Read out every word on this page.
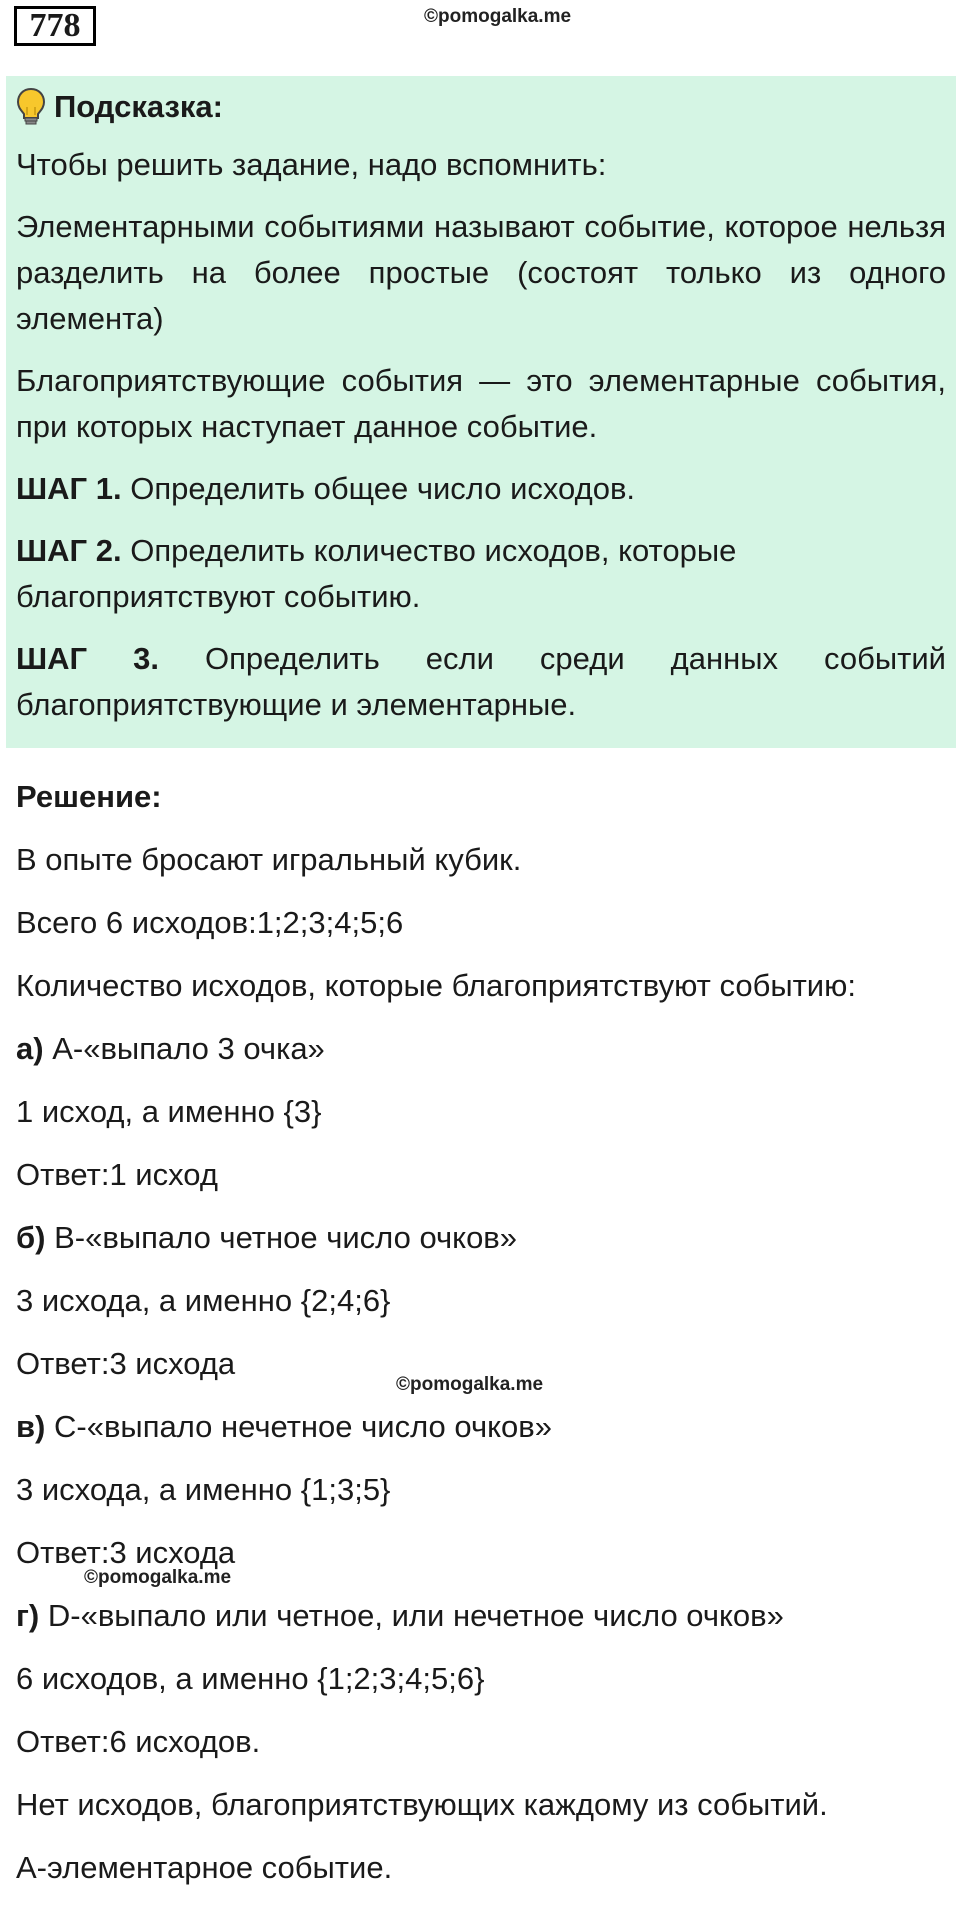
778	©pomogalka.me
Подсказка:
Чтобы решить задание, надо вспомнить:
Элементарными событиями называют событие, которое нельзя разделить на более простые (состоят только из одного элемента)
Благоприятствующие события — это элементарные события, при которых наступает данное событие.
ШАГ 1. Определить общее число исходов.
ШАГ 2. Определить количество исходов, которые благоприятствуют событию.
ШАГ 3. Определить если среди данных событий благоприятствующие и элементарные.
Решение:
В опыте бросают игральный кубик.
Всего 6 исходов:1;2;3;4;5;6
Количество исходов, которые благоприятствуют событию:
а) А-«выпало 3 очка»
1 исход, а именно {3}
Ответ:1 исход
б) В-«выпало четное число очков»
3 исхода, а именно {2;4;6}
Ответ:3 исхода
в) С-«выпало нечетное число очков»
3 исхода, а именно {1;3;5}
Ответ:3 исхода
г) D-«выпало или четное, или нечетное число очков»
6 исходов, а именно {1;2;3;4;5;6}
Ответ:6 исходов.
Нет исходов, благоприятствующих каждому из событий.
А-элементарное событие.
©pomogalka.me
©pomogalka.me
